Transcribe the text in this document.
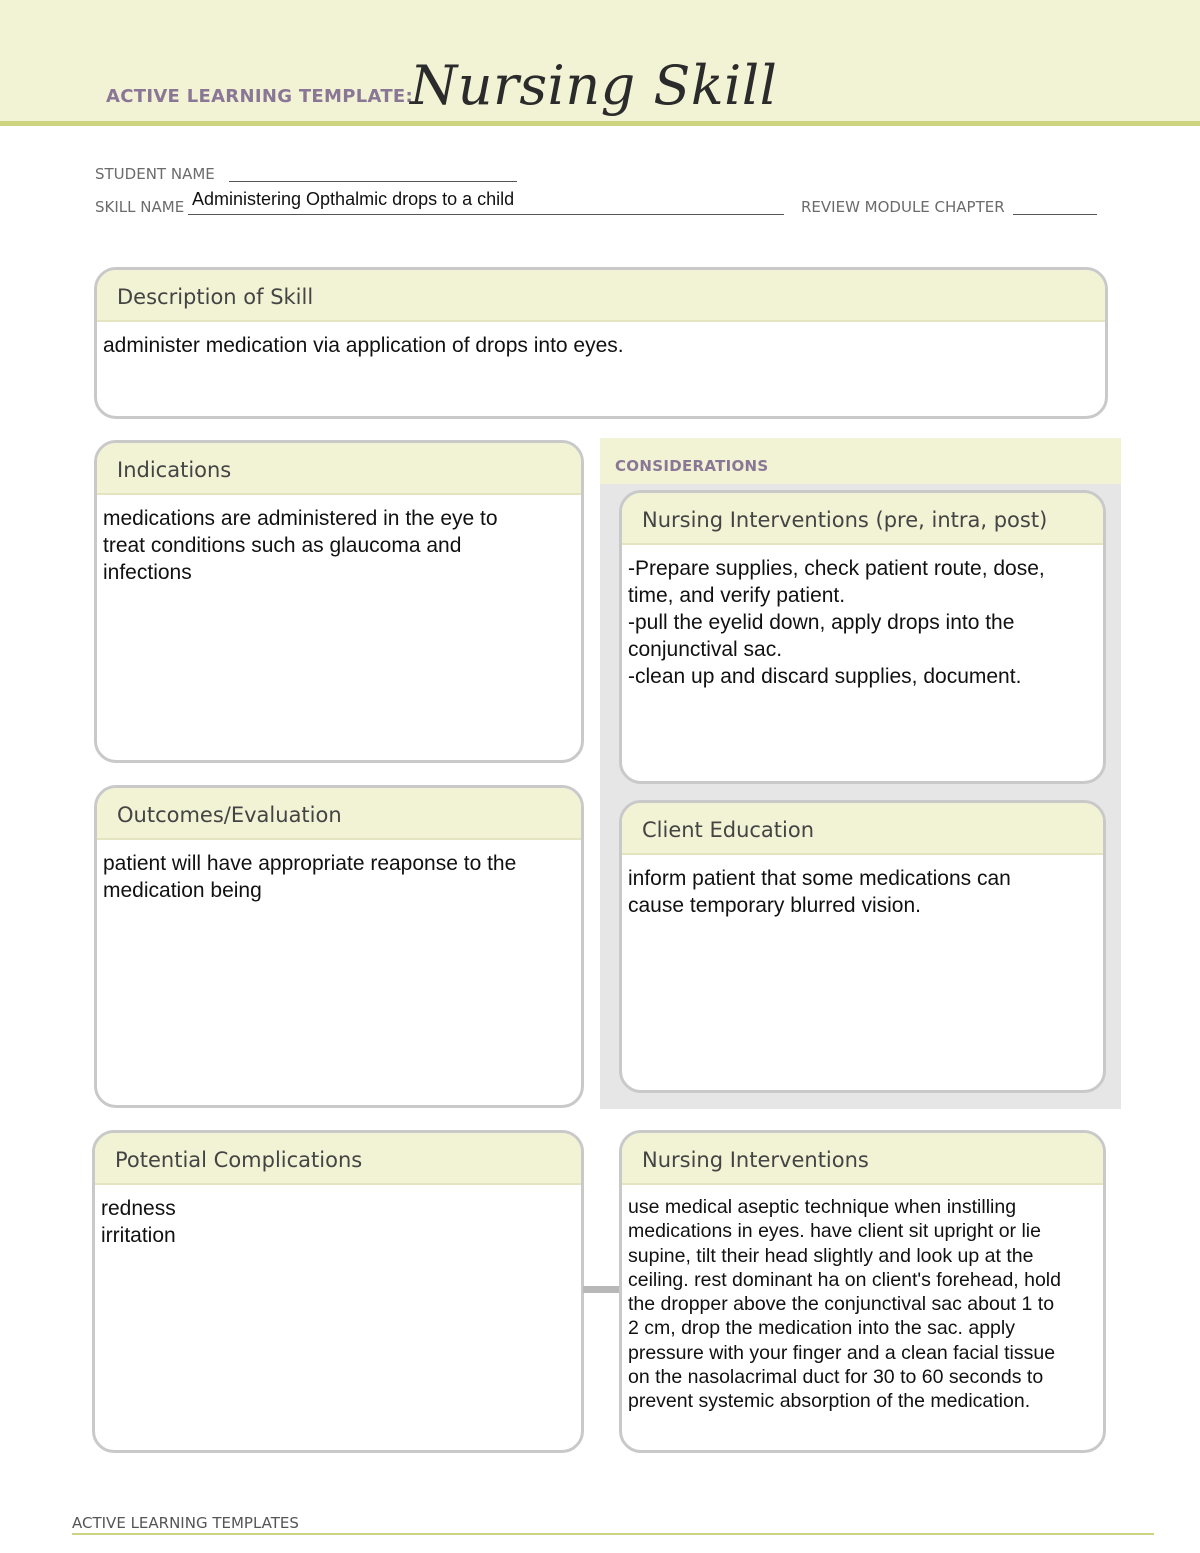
ACTIVE LEARNING TEMPLATE:
Nursing Skill
STUDENT NAME
SKILL NAME Administering Opthalmic drops to a child	REVIEW MODULE CHAPTER
Description of Skill
administer medication via application of drops into eyes.
Indications
medications are administered in the eye to
treat conditions such as glaucoma and
infections
Outcomes/Evaluation
patient will have appropriate reaponse to the
medication being
CONSIDERATIONS
Nursing Interventions (pre, intra, post)
-Prepare supplies, check patient route, dose,
time, and verify patient.
-pull the eyelid down, apply drops into the
conjunctival sac.
-clean up and discard supplies, document.
Client Education
inform patient that some medications can
cause temporary blurred vision.
Potential Complications
redness
irritation
Nursing Interventions
use medical aseptic technique when instilling
medications in eyes. have client sit upright or lie
supine, tilt their head slightly and look up at the
ceiling. rest dominant ha on client's forehead, hold
the dropper above the conjunctival sac about 1 to
2 cm, drop the medication into the sac. apply
pressure with your finger and a clean facial tissue
on the nasolacrimal duct for 30 to 60 seconds to
prevent systemic absorption of the medication.
ACTIVE LEARNING TEMPLATES
